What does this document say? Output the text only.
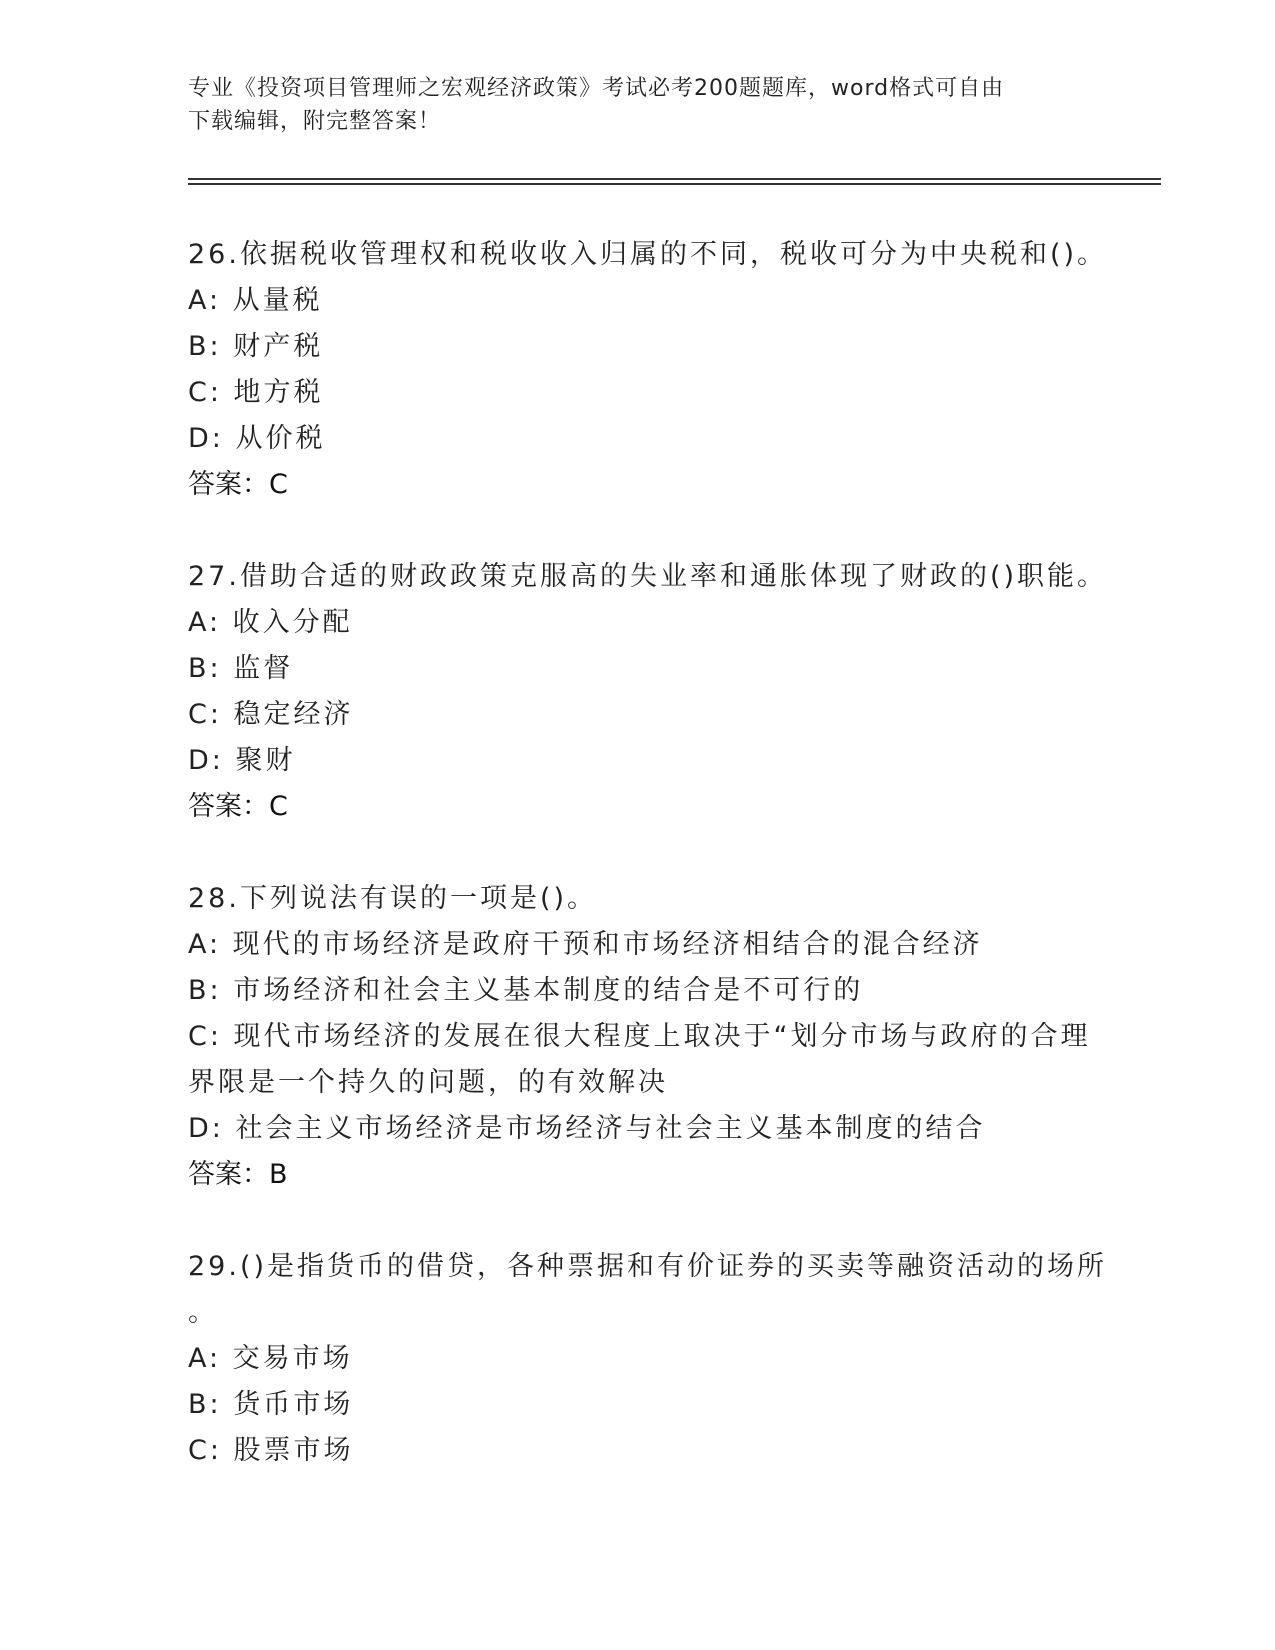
专业《投资项目管理师之宏观经济政策》考试必考200题题库，word格式可自由
下载编辑，附完整答案！
26.依据税收管理权和税收收入归属的不同，税收可分为中央税和()。
A: 从量税
B: 财产税
C: 地方税
D: 从价税
答案：C
27.借助合适的财政政策克服高的失业率和通胀体现了财政的()职能。
A: 收入分配
B: 监督
C: 稳定经济
D: 聚财
答案：C
28.下列说法有误的一项是()。
A: 现代的市场经济是政府干预和市场经济相结合的混合经济
B: 市场经济和社会主义基本制度的结合是不可行的
C: 现代市场经济的发展在很大程度上取决于“划分市场与政府的合理
界限是一个持久的问题，的有效解决
D: 社会主义市场经济是市场经济与社会主义基本制度的结合
答案：B
29.()是指货币的借贷，各种票据和有价证券的买卖等融资活动的场所
。
A: 交易市场
B: 货币市场
C: 股票市场
